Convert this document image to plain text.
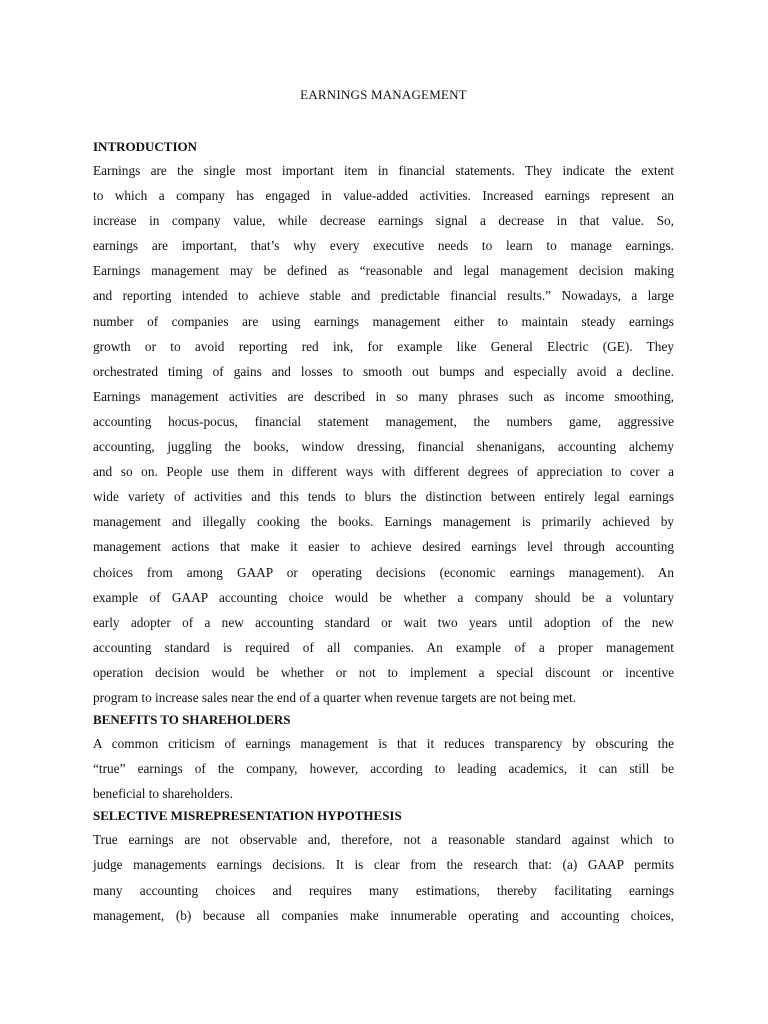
EARNINGS MANAGEMENT
INTRODUCTION
Earnings are the single most important item in financial statements. They indicate the extent
to which a company has engaged in value-added activities. Increased earnings represent an
increase in company value, while decrease earnings signal a decrease in that value. So,
earnings are important, that’s why every executive needs to learn to manage earnings.
Earnings management may be defined as “reasonable and legal management decision making
and reporting intended to achieve stable and predictable financial results.” Nowadays, a large
number of companies are using earnings management either to maintain steady earnings
growth or to avoid reporting red ink, for example like General Electric (GE). They
orchestrated timing of gains and losses to smooth out bumps and especially avoid a decline.
Earnings management activities are described in so many phrases such as income smoothing,
accounting hocus-pocus, financial statement management, the numbers game, aggressive
accounting, juggling the books, window dressing, financial shenanigans, accounting alchemy
and so on. People use them in different ways with different degrees of appreciation to cover a
wide variety of activities and this tends to blurs the distinction between entirely legal earnings
management and illegally cooking the books. Earnings management is primarily achieved by
management actions that make it easier to achieve desired earnings level through accounting
choices from among GAAP or operating decisions (economic earnings management). An
example of GAAP accounting choice would be whether a company should be a voluntary
early adopter of a new accounting standard or wait two years until adoption of the new
accounting standard is required of all companies. An example of a proper management
operation decision would be whether or not to implement a special discount or incentive
program to increase sales near the end of a quarter when revenue targets are not being met.
BENEFITS TO SHAREHOLDERS
A common criticism of earnings management is that it reduces transparency by obscuring the
“true” earnings of the company, however, according to leading academics, it can still be
beneficial to shareholders.
SELECTIVE MISREPRESENTATION HYPOTHESIS
True earnings are not observable and, therefore, not a reasonable standard against which to
judge managements earnings decisions. It is clear from the research that: (a) GAAP permits
many accounting choices and requires many estimations, thereby facilitating earnings
management, (b) because all companies make innumerable operating and accounting choices,
